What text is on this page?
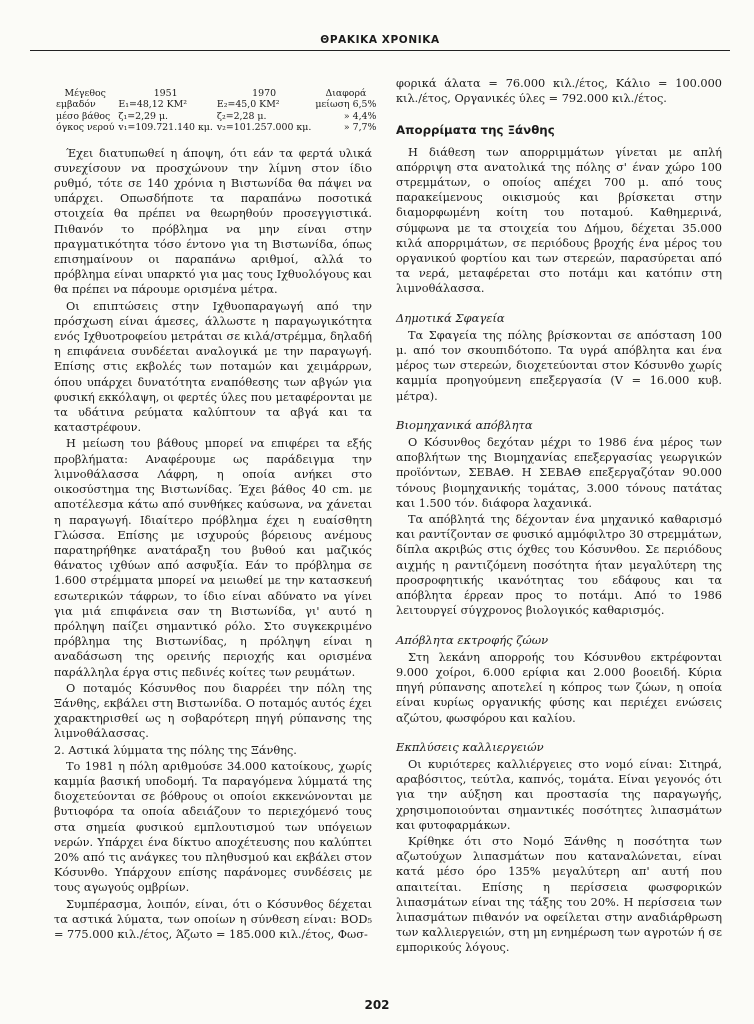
ΘΡΑΚΙΚΑ ΧΡΟΝΙΚΑ
Μέγεθος	1951	1970	Διαφορά
εμβαδόν	E₁=48,12 KM²	E₂=45,0 KM²	μείωση 6,5%
μέσο βάθος	ζ₁=2,29 μ.	ζ₂=2,28 μ.	» 4,4%
όγκος νερού	v₁=109.721.140 κμ.	v₂=101.257.000 κμ.	» 7,7%

Έχει διατυπωθεί η άποψη, ότι εάν τα φερτά υλικά συνεχίσουν να προσχώνουν την λίμνη στον ίδιο ρυθμό, τότε σε 140 χρόνια η Βιστωνίδα θα πάψει να υπάρχει. Οπωσδήποτε τα παραπάνω ποσοτικά στοιχεία θα πρέπει να θεωρηθούν προσεγγιστικά. Πιθανόν το πρόβλημα να μην είναι στην πραγματικότητα τόσο έντονο για τη Βιστωνίδα, όπως επισημαίνουν οι παραπάνω αριθμοί, αλλά το πρόβλημα είναι υπαρκτό για μας τους Ιχθυολόγους και θα πρέπει να πάρουμε ορισμένα μέτρα.

Οι επιπτώσεις στην Ιχθυοπαραγωγή από την πρόσχωση είναι άμεσες, άλλωστε η παραγωγικότητα ενός Ιχθυοτροφείου μετράται σε κιλά/στρέμμα, δηλαδή η επιφάνεια συνδέεται αναλογικά με την παραγωγή. Επίσης στις εκβολές των ποταμών και χειμάρρων, όπου υπάρχει δυνατότητα εναπόθεσης των αβγών για φυσική εκκόλαψη, οι φερτές ύλες που μεταφέρονται με τα υδάτινα ρεύματα καλύπτουν τα αβγά και τα καταστρέφουν.

Η μείωση του βάθους μπορεί να επιφέρει τα εξής προβλήματα: Αναφέρουμε ως παράδειγμα την λιμνοθάλασσα Λάφρη, η οποία ανήκει στο οικοσύστημα της Βιστωνίδας. Έχει βάθος 40 cm. με αποτέλεσμα κάτω από συνθήκες καύσωνα, να χάνεται η παραγωγή. Ιδιαίτερο πρόβλημα έχει η ευαίσθητη Γλώσσα. Επίσης με ισχυρούς βόρειους ανέμους παρατηρήθηκε ανατάραξη του βυθού και μαζικός θάνατος ιχθύων από ασφυξία. Εάν το πρόβλημα σε 1.600 στρέμματα μπορεί να μειωθεί με την κατασκευή εσωτερικών τάφρων, το ίδιο είναι αδύνατο να γίνει για μιά επιφάνεια σαν τη Βιστωνίδα, γι' αυτό η πρόληψη παίζει σημαντικό ρόλο. Στο συγκεκριμένο πρόβλημα της Βιστωνίδας, η πρόληψη είναι η αναδάσωση της ορεινής περιοχής και ορισμένα παράλληλα έργα στις πεδινές κοίτες των ρευμάτων.

Ο ποταμός Κόσυνθος που διαρρέει την πόλη της Ξάνθης, εκβάλει στη Βιστωνίδα. Ο ποταμός αυτός έχει χαρακτηρισθεί ως η σοβαρότερη πηγή ρύπανσης της λιμνοθάλασσας.

2. Αστικά λύμματα της πόλης της Ξάνθης.

Το 1981 η πόλη αριθμούσε 34.000 κατοίκους, χωρίς καμμία βασική υποδομή. Τα παραγόμενα λύμματά της διοχετεύονται σε βόθρους οι οποίοι εκκενώνονται με βυτιοφόρα τα οποία αδειάζουν το περιεχόμενό τους στα σημεία φυσικού εμπλουτισμού των υπόγειων νερών. Υπάρχει ένα δίκτυο αποχέτευσης που καλύπτει 20% από τις ανάγκες του πληθυσμού και εκβάλει στον Κόσυνθο. Υπάρχουν επίσης παράνομες συνδέσεις με τους αγωγούς ομβρίων.

Συμπέρασμα, λοιπόν, είναι, ότι ο Κόσυνθος δέχεται τα αστικά λύματα, των οποίων η σύνθεση είναι: BOD₅ = 775.000 κιλ./έτος, Άζωτο = 185.000 κιλ./έτος, Φωσ-

φορικά άλατα = 76.000 κιλ./έτος, Κάλιο = 100.000 κιλ./έτος, Οργανικές ύλες = 792.000 κιλ./έτος.

Απορρίματα της Ξάνθης

Η διάθεση των απορριμμάτων γίνεται με απλή απόρριψη στα ανατολικά της πόλης σ' έναν χώρο 100 στρεμμάτων, ο οποίος απέχει 700 μ. από τους παρακείμενους οικισμούς και βρίσκεται στην διαμορφωμένη κοίτη του ποταμού. Καθημερινά, σύμφωνα με τα στοιχεία του Δήμου, δέχεται 35.000 κιλά απορριμάτων, σε περιόδους βροχής ένα μέρος του οργανικού φορτίου και των στερεών, παρασύρεται από τα νερά, μεταφέρεται στο ποτάμι και κατόπιν στη λιμνοθάλασσα.

Δημοτικά Σφαγεία

Τα Σφαγεία της πόλης βρίσκονται σε απόσταση 100 μ. από τον σκουπιδότοπο. Τα υγρά απόβλητα και ένα μέρος των στερεών, διοχετεύονται στον Κόσυνθο χωρίς καμμία προηγούμενη επεξεργασία (V = 16.000 κυβ. μέτρα).

Βιομηχανικά απόβλητα

Ο Κόσυνθος δεχόταν μέχρι το 1986 ένα μέρος των αποβλήτων της Βιομηχανίας επεξεργασίας γεωργικών προϊόντων, ΣΕΒΑΘ. Η ΣΕΒΑΘ επεξεργαζόταν 90.000 τόνους βιομηχανικής τομάτας, 3.000 τόνους πατάτας και 1.500 τόν. διάφορα λαχανικά.

Τα απόβλητά της δέχονταν ένα μηχανικό καθαρισμό και ραντίζονταν σε φυσικό αμμόφιλτρο 30 στρεμμάτων, δίπλα ακριβώς στις όχθες του Κόσυνθου. Σε περιόδους αιχμής η ραντιζόμενη ποσότητα ήταν μεγαλύτερη της προσροφητικής ικανότητας του εδάφους και τα απόβλητα έρρεαν προς το ποτάμι. Από το 1986 λειτουργεί σύγχρονος βιολογικός καθαρισμός.

Απόβλητα εκτροφής ζώων

Στη λεκάνη απορροής του Κόσυνθου εκτρέφονται 9.000 χοίροι, 6.000 ερίφια και 2.000 βοοειδή. Κύρια πηγή ρύπανσης αποτελεί η κόπρος των ζώων, η οποία είναι κυρίως οργανικής φύσης και περιέχει ενώσεις αζώτου, φωσφόρου και καλίου.

Εκπλύσεις καλλιεργειών

Οι κυριότερες καλλιέργειες στο νομό είναι: Σιτηρά, αραβόσιτος, τεύτλα, καπνός, τομάτα. Είναι γεγονός ότι για την αύξηση και προστασία της παραγωγής, χρησιμοποιούνται σημαντικές ποσότητες λιπασμάτων και φυτοφαρμάκων.

Κρίθηκε ότι στο Νομό Ξάνθης η ποσότητα των αζωτούχων λιπασμάτων που καταναλώνεται, είναι κατά μέσο όρο 135% μεγαλύτερη απ' αυτή που απαιτείται. Επίσης η περίσσεια φωσφορικών λιπασμάτων είναι της τάξης του 20%. Η περίσσεια των λιπασμάτων πιθανόν να οφείλεται στην αναδιάρθρωση των καλλιεργειών, στη μη ενημέρωση των αγροτών ή σε εμπορικούς λόγους.

202
